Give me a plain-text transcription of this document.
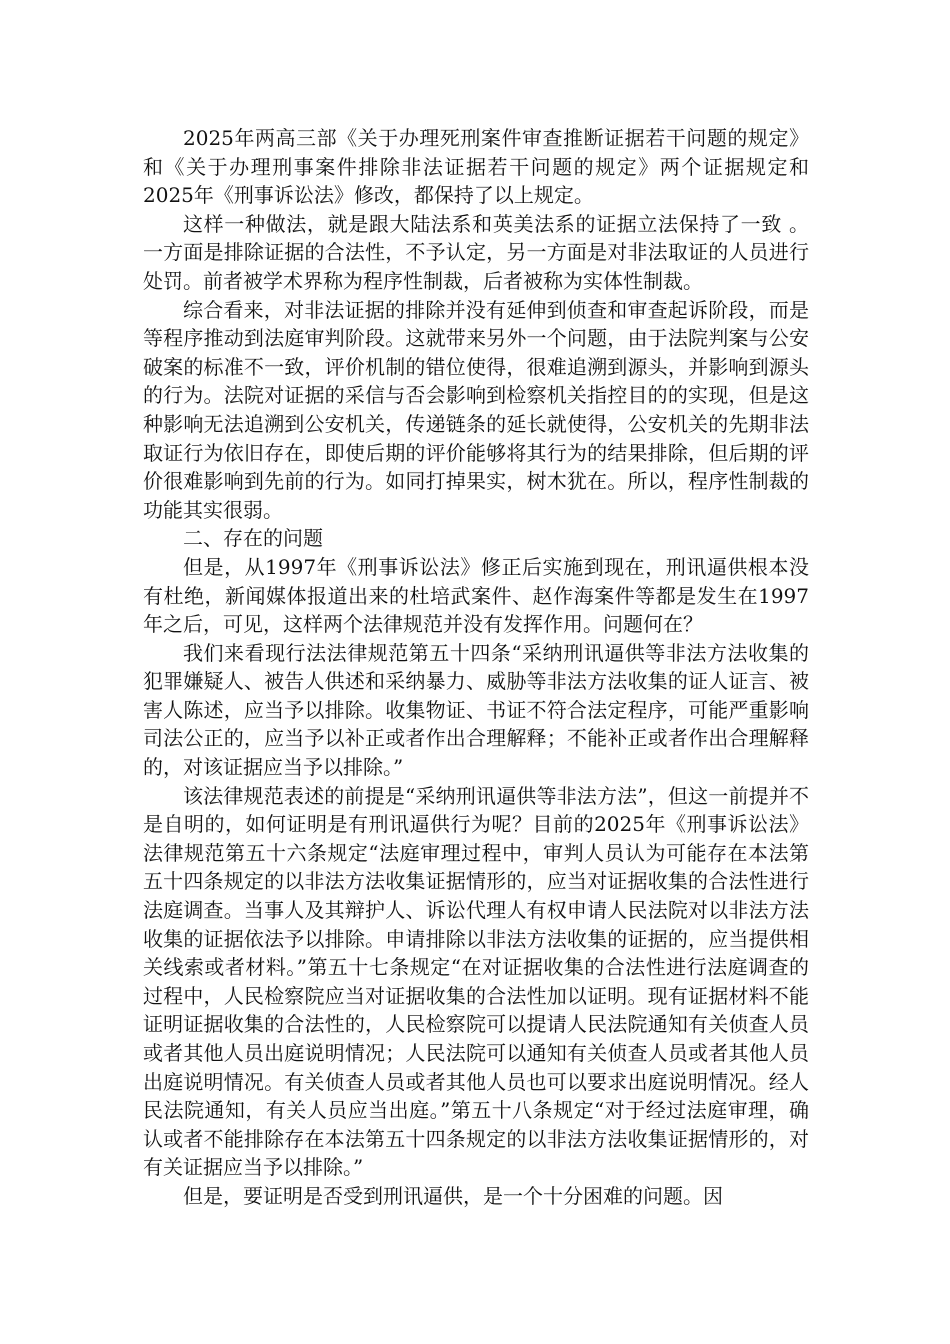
2025年两高三部《关于办理死刑案件审查推断证据若干问题的规定》和《关于办理刑事案件排除非法证据若干问题的规定》两个证据规定和2025年《刑事诉讼法》修改，都保持了以上规定。

这样一种做法，就是跟大陆法系和英美法系的证据立法保持了一致 。一方面是排除证据的合法性，不予认定，另一方面是对非法取证的人员进行处罚。前者被学术界称为程序性制裁，后者被称为实体性制裁。

综合看来，对非法证据的排除并没有延伸到侦查和审查起诉阶段，而是等程序推动到法庭审判阶段。这就带来另外一个问题，由于法院判案与公安破案的标准不一致，评价机制的错位使得，很难追溯到源头，并影响到源头的行为。法院对证据的采信与否会影响到检察机关指控目的的实现，但是这种影响无法追溯到公安机关，传递链条的延长就使得，公安机关的先期非法取证行为依旧存在，即使后期的评价能够将其行为的结果排除，但后期的评价很难影响到先前的行为。如同打掉果实，树木犹在。所以，程序性制裁的功能其实很弱。

二、存在的问题

但是，从1997年《刑事诉讼法》修正后实施到现在，刑讯逼供根本没有杜绝，新闻媒体报道出来的杜培武案件、赵作海案件等都是发生在1997年之后，可见，这样两个法律规范并没有发挥作用。问题何在？

我们来看现行法法律规范第五十四条“采纳刑讯逼供等非法方法收集的犯罪嫌疑人、被告人供述和采纳暴力、威胁等非法方法收集的证人证言、被害人陈述，应当予以排除。收集物证、书证不符合法定程序，可能严重影响司法公正的，应当予以补正或者作出合理解释；不能补正或者作出合理解释的，对该证据应当予以排除。”

该法律规范表述的前提是“采纳刑讯逼供等非法方法”，但这一前提并不是自明的，如何证明是有刑讯逼供行为呢？目前的2025年《刑事诉讼法》法律规范第五十六条规定“法庭审理过程中，审判人员认为可能存在本法第五十四条规定的以非法方法收集证据情形的，应当对证据收集的合法性进行法庭调查。当事人及其辩护人、诉讼代理人有权申请人民法院对以非法方法收集的证据依法予以排除。申请排除以非法方法收集的证据的，应当提供相关线索或者材料。”第五十七条规定“在对证据收集的合法性进行法庭调查的过程中，人民检察院应当对证据收集的合法性加以证明。现有证据材料不能证明证据收集的合法性的，人民检察院可以提请人民法院通知有关侦查人员或者其他人员出庭说明情况；人民法院可以通知有关侦查人员或者其他人员出庭说明情况。有关侦查人员或者其他人员也可以要求出庭说明情况。经人民法院通知，有关人员应当出庭。”第五十八条规定“对于经过法庭审理，确认或者不能排除存在本法第五十四条规定的以非法方法收集证据情形的，对有关证据应当予以排除。”

但是，要证明是否受到刑讯逼供，是一个十分困难的问题。因
